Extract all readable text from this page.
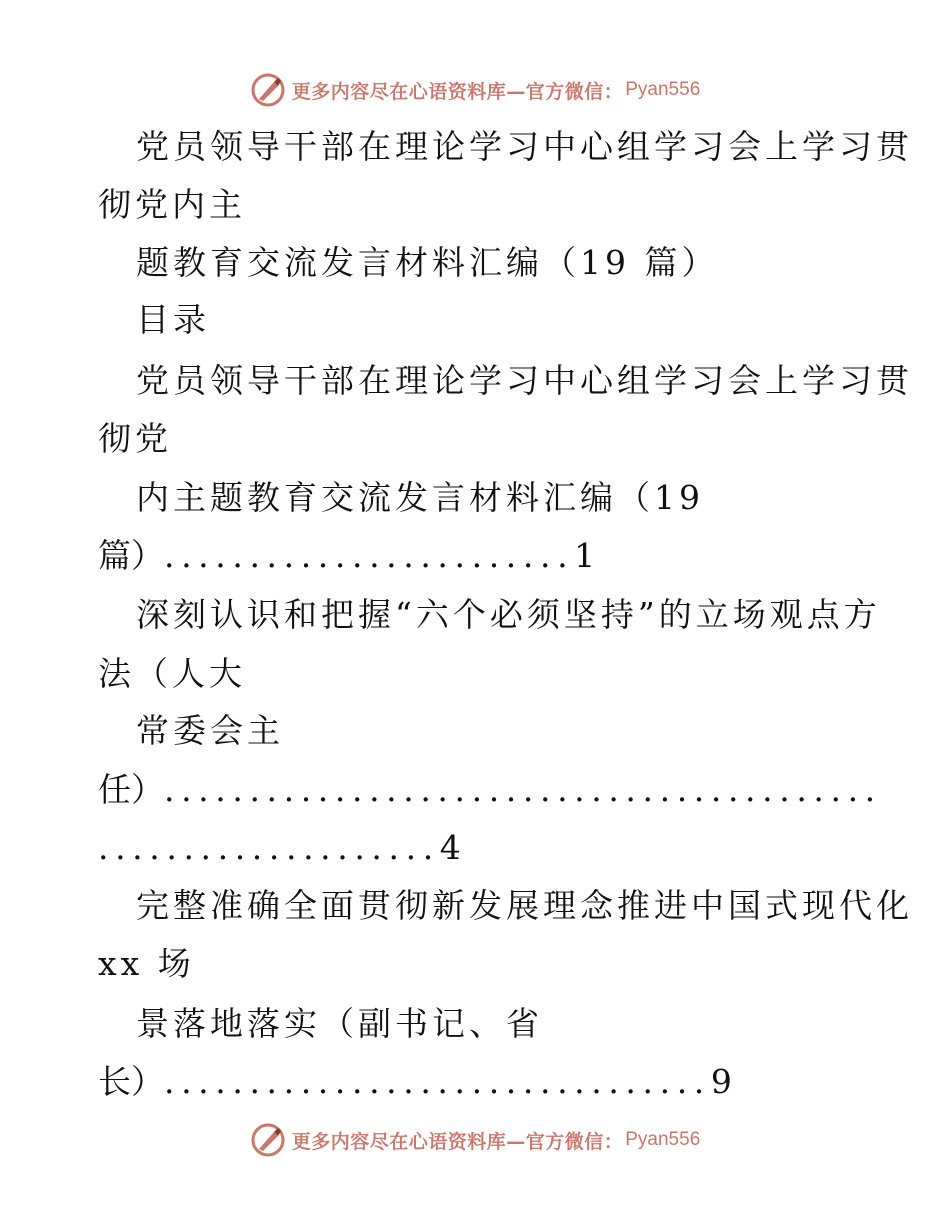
更多内容尽在心语资料库—官方微信： Pyan556
党员领导干部在理论学习中心组学习会上学习贯
彻党内主
题教育交流发言材料汇编（19 篇）
目录
党员领导干部在理论学习中心组学习会上学习贯
彻党
内主题教育交流发言材料汇编（19
篇）........................1
深刻认识和把握“六个必须坚持”的立场观点方
法（人大
常委会主
任）..........................................
....................4
完整准确全面贯彻新发展理念推进中国式现代化
xx 场
景落地落实（副书记、省
长）................................9
更多内容尽在心语资料库—官方微信： Pyan556
